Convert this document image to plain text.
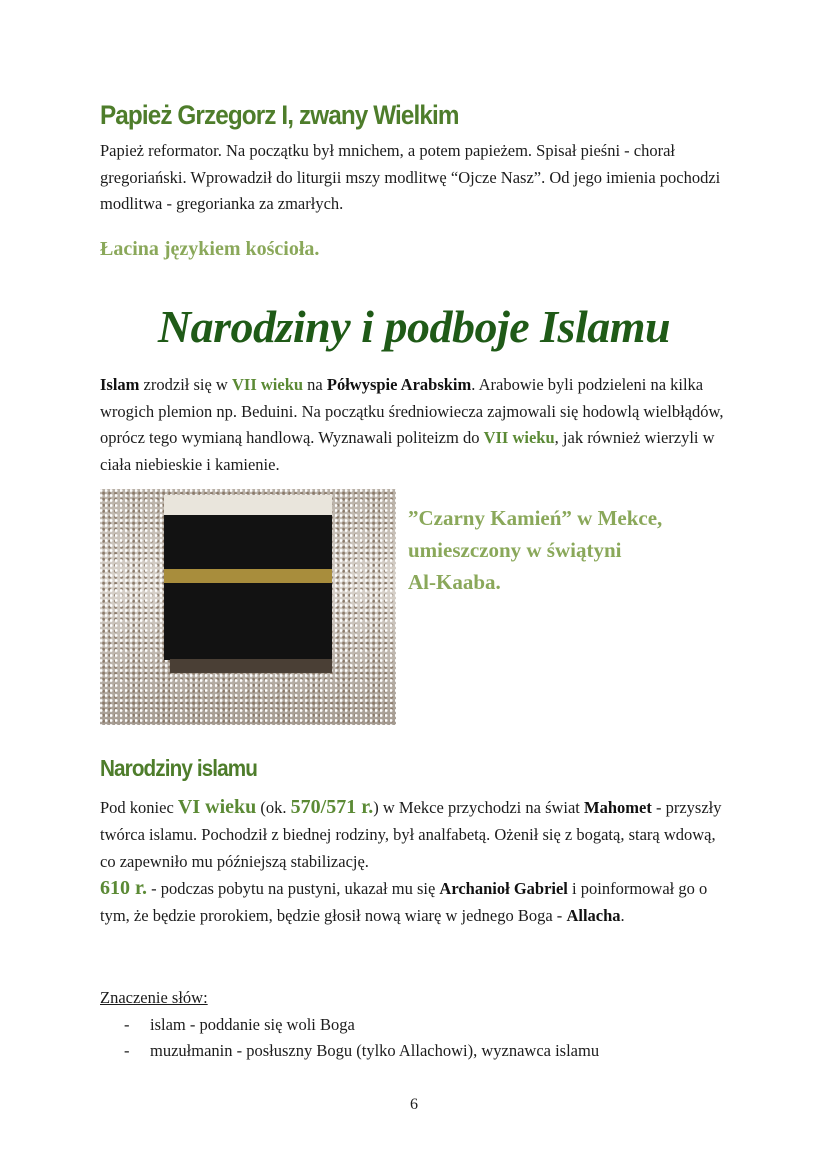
Papież Grzegorz I, zwany Wielkim
Papież reformator. Na początku był mnichem, a potem papieżem. Spisał pieśni - chorał gregoriański. Wprowadził do liturgii mszy modlitwę “Ojcze Nasz”. Od jego imienia pochodzi modlitwa - gregorianka za zmarłych.
Łacina językiem kościoła.
Narodziny i podboje Islamu
Islam zrodził się w VII wieku na Półwyspie Arabskim. Arabowie byli podzieleni na kilka wrogich plemion np. Beduini. Na początku średniowiecza zajmowali się hodowlą wielbłądów, oprócz tego wymianą handlową. Wyznawali politeizm do VII wieku, jak również wierzyli w ciała niebieskie i kamienie.
”Czarny Kamień” w Mekce,
umieszczony w świątyni
Al-Kaaba.
Narodziny islamu
Pod koniec VI wieku (ok. 570/571 r.) w Mekce przychodzi na świat Mahomet - przyszły twórca islamu. Pochodził z biednej rodziny, był analfabetą. Ożenił się z bogatą, starą wdową, co zapewniło mu późniejszą stabilizację.
610 r. - podczas pobytu na pustyni, ukazał mu się Archanioł Gabriel i poinformował go o tym, że będzie prorokiem, będzie głosił nową wiarę w jednego Boga - Allacha.
Znaczenie słów:
- islam - poddanie się woli Boga
- muzułmanin - posłuszny Bogu (tylko Allachowi), wyznawca islamu
6
